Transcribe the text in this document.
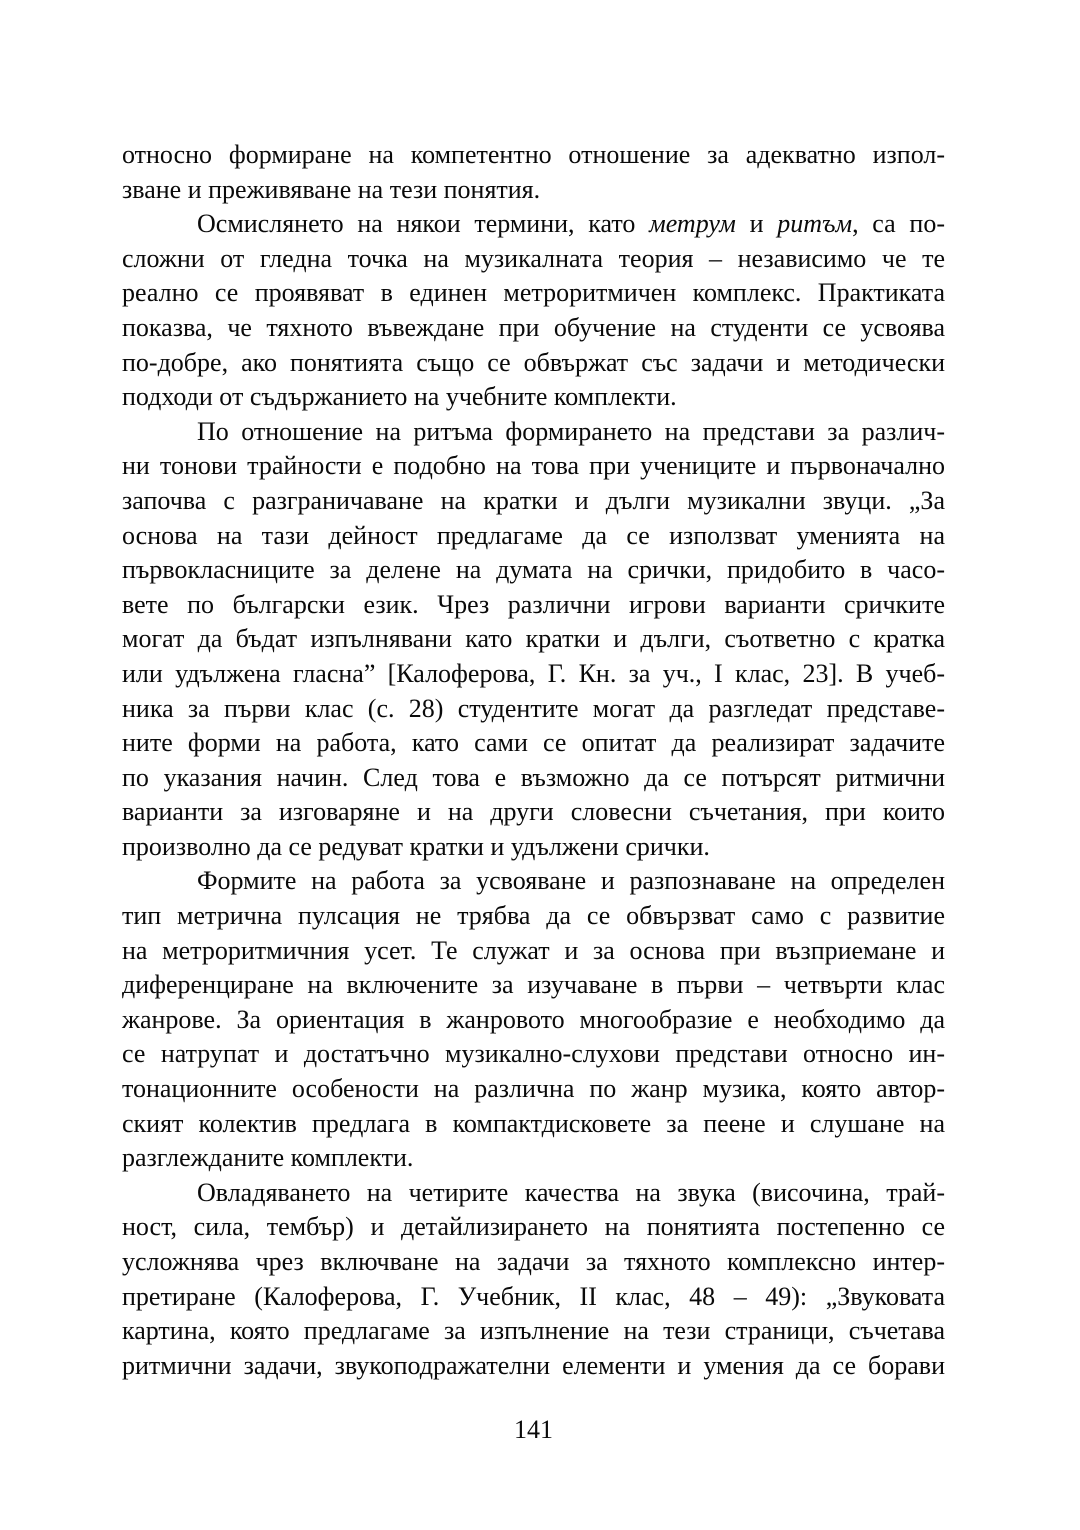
относно формиране на компетентно отношение за адекватно изпол-
зване и преживяване на тези понятия.
Осмислянето на някои термини, като метрум и ритъм, са по-
сложни от гледна точка на музикалната теория – независимо че те
реално се проявяват в единен метроритмичен комплекс. Практиката
показва, че тяхното въвеждане при обучение на студенти се усвоява
по-добре, ако понятията също се обвържат със задачи и методически
подходи от съдържанието на учебните комплекти.
По отношение на ритъма формирането на представи за различ-
ни тонови трайности е подобно на това при учениците и първоначално
започва с разграничаване на кратки и дълги музикални звуци. „За
основа на тази дейност предлагаме да се използват уменията на
първокласниците за делене на думата на срички, придобито в часо-
вете по български език. Чрез различни игрови варианти сричките
могат да бъдат изпълнявани като кратки и дълги, съответно с кратка
или удължена гласна” [Калоферова, Г. Кн. за уч., I клас, 23]. В учеб-
ника за първи клас (с. 28) студентите могат да разгледат представе-
ните форми на работа, като сами се опитат да реализират задачите
по указания начин. След това е възможно да се потърсят ритмични
варианти за изговаряне и на други словесни съчетания, при които
произволно да се редуват кратки и удължени срички.
Формите на работа за усвояване и разпознаване на определен
тип метрична пулсация не трябва да се обвързват само с развитие
на метроритмичния усет. Те служат и за основа при възприемане и
диференциране на включените за изучаване в първи – четвърти клас
жанрове. За ориентация в жанровото многообразие е необходимо да
се натрупат и достатъчно музикално-слухови представи относно ин-
тонационните особености на различна по жанр музика, която автор-
ският колектив предлага в компактдисковете за пеене и слушане на
разглежданите комплекти.
Овладяването на четирите качества на звука (височина, трай-
ност, сила, тембър) и детайлизирането на понятията постепенно се
усложнява чрез включване на задачи за тяхното комплексно интер-
претиране (Калоферова, Г. Учебник, II клас, 48 – 49): „Звуковата
картина, която предлагаме за изпълнение на тези страници, съчетава
ритмични задачи, звукоподражателни елементи и умения да се борави
141
